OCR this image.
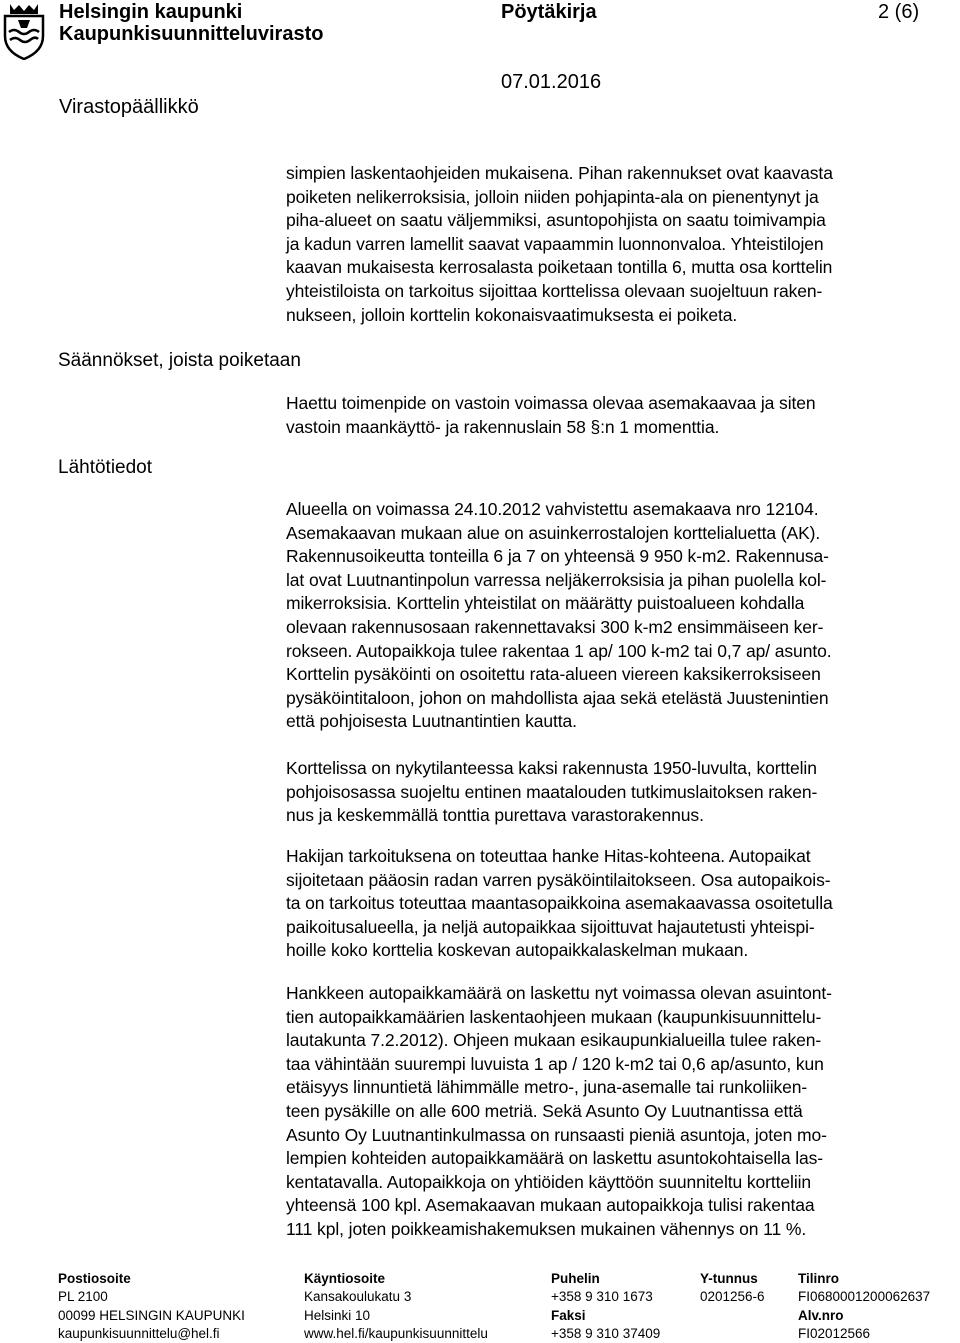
Helsingin kaupunki
Kaupunkisuunnitteluvirasto
Pöytäkirja	2 (6)
07.01.2016
Virastopäällikkö
Säännökset, joista poiketaan
Lähtötiedot
simpien laskentaohjeiden mukaisena. Pihan rakennukset ovat kaavasta
poiketen nelikerroksisia, jolloin niiden pohjapinta-ala on pienentynyt ja
piha-alueet on saatu väljemmiksi, asuntopohjista on saatu toimivampia
ja kadun varren lamellit saavat vapaammin luonnonvaloa. Yhteistilojen
kaavan mukaisesta kerrosalasta poiketaan tontilla 6, mutta osa korttelin
yhteistiloista on tarkoitus sijoittaa korttelissa olevaan suojeltuun raken-
nukseen, jolloin korttelin kokonaisvaatimuksesta ei poiketa.
Haettu toimenpide on vastoin voimassa olevaa asemakaavaa ja siten
vastoin maankäyttö- ja rakennuslain 58 §:n 1 momenttia.
Alueella on voimassa 24.10.2012 vahvistettu asemakaava nro 12104.
Asemakaavan mukaan alue on asuinkerrostalojen korttelialuetta (AK).
Rakennusoikeutta tonteilla 6 ja 7 on yhteensä 9 950 k-m2. Rakennusa-
lat ovat Luutnantinpolun varressa neljäkerroksisia ja pihan puolella kol-
mikerroksisia. Korttelin yhteistilat on määrätty puistoalueen kohdalla
olevaan rakennusosaan rakennettavaksi 300 k-m2 ensimmäiseen ker-
rokseen. Autopaikkoja tulee rakentaa 1 ap/ 100 k-m2 tai 0,7 ap/ asunto.
Korttelin pysäköinti on osoitettu rata-alueen viereen kaksikerroksiseen
pysäköintitaloon, johon on mahdollista ajaa sekä etelästä Juustenintien
että pohjoisesta Luutnantintien kautta.
Korttelissa on nykytilanteessa kaksi rakennusta 1950-luvulta, korttelin
pohjoisosassa suojeltu entinen maatalouden tutkimuslaitoksen raken-
nus ja keskemmällä tonttia purettava varastorakennus.
Hakijan tarkoituksena on toteuttaa hanke Hitas-kohteena. Autopaikat
sijoitetaan pääosin radan varren pysäköintilaitokseen. Osa autopaikois-
ta on tarkoitus toteuttaa maantasopaikkoina asemakaavassa osoitetulla
paikoitusalueella, ja neljä autopaikkaa sijoittuvat hajautetusti yhteispi-
hoille koko korttelia koskevan autopaikkalaskelman mukaan.
Hankkeen autopaikkamäärä on laskettu nyt voimassa olevan asuintont-
tien autopaikkamäärien laskentaohjeen mukaan (kaupunkisuunnittelu-
lautakunta 7.2.2012). Ohjeen mukaan esikaupunkialueilla tulee raken-
taa vähintään suurempi luvuista 1 ap / 120 k-m2 tai 0,6 ap/asunto, kun
etäisyys linnuntietä lähimmälle metro-, juna-asemalle tai runkoliiken-
teen pysäkille on alle 600 metriä. Sekä Asunto Oy Luutnantissa että
Asunto Oy Luutnantinkulmassa on runsaasti pieniä asuntoja, joten mo-
lempien kohteiden autopaikkamäärä on laskettu asuntokohtaisella las-
kentatavalla. Autopaikkoja on yhtiöiden käyttöön suunniteltu kortteliin
yhteensä 100 kpl. Asemakaavan mukaan autopaikkoja tulisi rakentaa
111 kpl, joten poikkeamishakemuksen mukainen vähennys on 11 %.
Postiosoite
PL 2100
00099 HELSINGIN KAUPUNKI
kaupunkisuunnittelu@hel.fi
Käyntiosoite
Kansakoulukatu 3
Helsinki 10
www.hel.fi/kaupunkisuunnittelu
Puhelin
+358 9 310 1673
Faksi
+358 9 310 37409
Y-tunnus
0201256-6
Tilinro
FI0680001200062637
Alv.nro
FI02012566
